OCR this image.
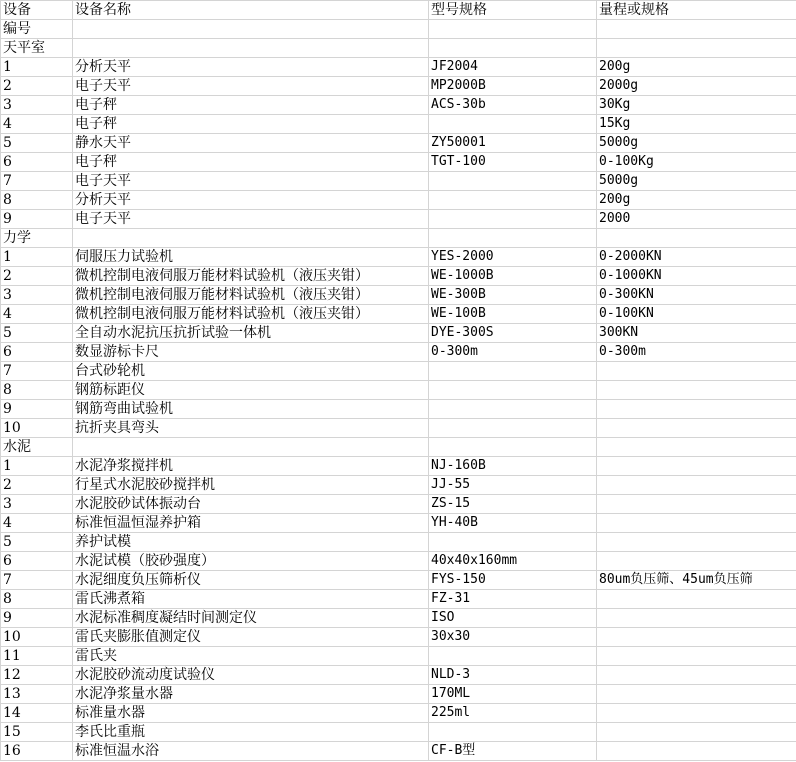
设备	设备名称	型号规格	量程或规格
编号			
天平室			
1	分析天平	JF2004	200g
2	电子天平	MP2000B	2000g
3	电子秤	ACS-30b	30Kg
4	电子秤		15Kg
5	静水天平	ZY50001	5000g
6	电子秤	TGT-100	0-100Kg
7	电子天平		5000g
8	分析天平		200g
9	电子天平		2000
力学			
1	伺服压力试验机	YES-2000	0-2000KN
2	微机控制电液伺服万能材料试验机（液压夹钳）	WE-1000B	0-1000KN
3	微机控制电液伺服万能材料试验机（液压夹钳）	WE-300B	0-300KN
4	微机控制电液伺服万能材料试验机（液压夹钳）	WE-100B	0-100KN
5	全自动水泥抗压抗折试验一体机	DYE-300S	300KN
6	数显游标卡尺	0-300m	0-300m
7	台式砂轮机		
8	钢筋标距仪		
9	钢筋弯曲试验机		
10	抗折夹具弯头		
水泥			
1	水泥净浆搅拌机	NJ-160B	
2	行星式水泥胶砂搅拌机	JJ-55	
3	水泥胶砂试体振动台	ZS-15	
4	标准恒温恒湿养护箱	YH-40B	
5	养护试模		
6	水泥试模（胶砂强度）	40x40x160mm	
7	水泥细度负压筛析仪	FYS-150	80um负压筛、45um负压筛
8	雷氏沸煮箱	FZ-31	
9	水泥标准稠度凝结时间测定仪	ISO	
10	雷氏夹膨胀值测定仪	30x30	
11	雷氏夹		
12	水泥胶砂流动度试验仪	NLD-3	
13	水泥净浆量水器	170ML	
14	标准量水器	225ml	
15	李氏比重瓶		
16	标准恒温水浴	CF-B型	
